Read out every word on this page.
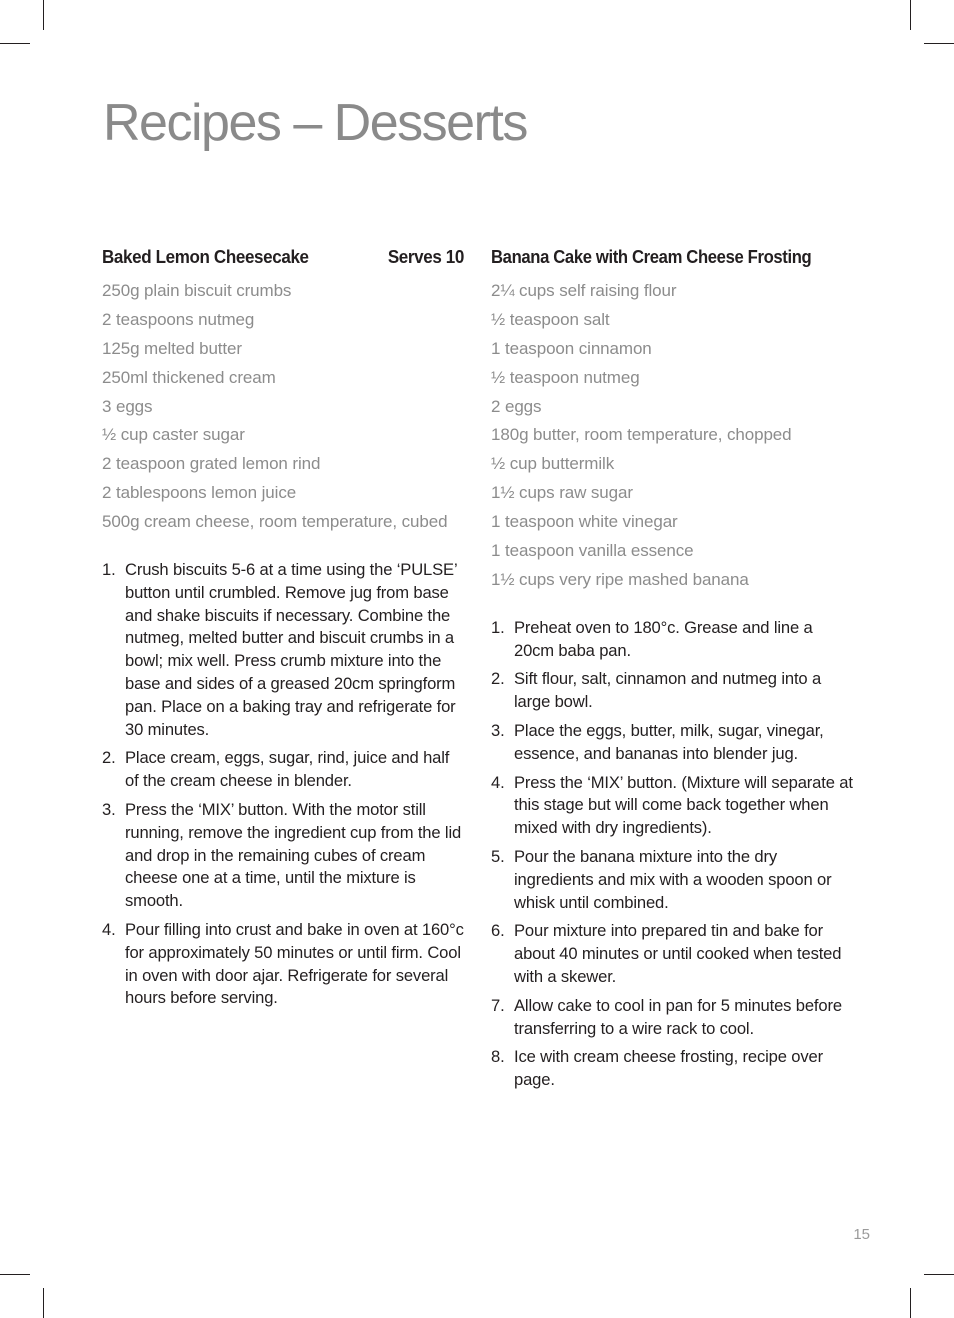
Recipes – Desserts
Baked Lemon Cheesecake	Serves 10
250g plain biscuit crumbs
2 teaspoons nutmeg
125g melted butter
250ml thickened cream
3 eggs
½ cup caster sugar
2 teaspoon grated lemon rind
2 tablespoons lemon juice
500g cream cheese, room temperature, cubed
1. Crush biscuits 5-6 at a time using the ‘PULSE’ button until crumbled. Remove jug from base and shake biscuits if necessary. Combine the nutmeg, melted butter and biscuit crumbs in a bowl; mix well. Press crumb mixture into the base and sides of a greased 20cm springform pan. Place on a baking tray and refrigerate for 30 minutes.
2. Place cream, eggs, sugar, rind, juice and half of the cream cheese in blender.
3. Press the ‘MIX’ button. With the motor still running, remove the ingredient cup from the lid and drop in the remaining cubes of cream cheese one at a time, until the mixture is smooth.
4. Pour filling into crust and bake in oven at 160°c for approximately 50 minutes or until firm. Cool in oven with door ajar. Refrigerate for several hours before serving.
Banana Cake with Cream Cheese Frosting
2¼ cups self raising flour
½ teaspoon salt
1 teaspoon cinnamon
½ teaspoon nutmeg
2 eggs
180g butter, room temperature, chopped
½ cup buttermilk
1½ cups raw sugar
1 teaspoon white vinegar
1 teaspoon vanilla essence
1½ cups very ripe mashed banana
1. Preheat oven to 180°c. Grease and line a 20cm baba pan.
2. Sift flour, salt, cinnamon and nutmeg into a large bowl.
3. Place the eggs, butter, milk, sugar, vinegar, essence, and bananas into blender jug.
4. Press the ‘MIX’ button. (Mixture will separate at this stage but will come back together when mixed with dry ingredients).
5. Pour the banana mixture into the dry ingredients and mix with a wooden spoon or whisk until combined.
6. Pour mixture into prepared tin and bake for about 40 minutes or until cooked when tested with a skewer.
7. Allow cake to cool in pan for 5 minutes before transferring to a wire rack to cool.
8. Ice with cream cheese frosting, recipe over page.
15
